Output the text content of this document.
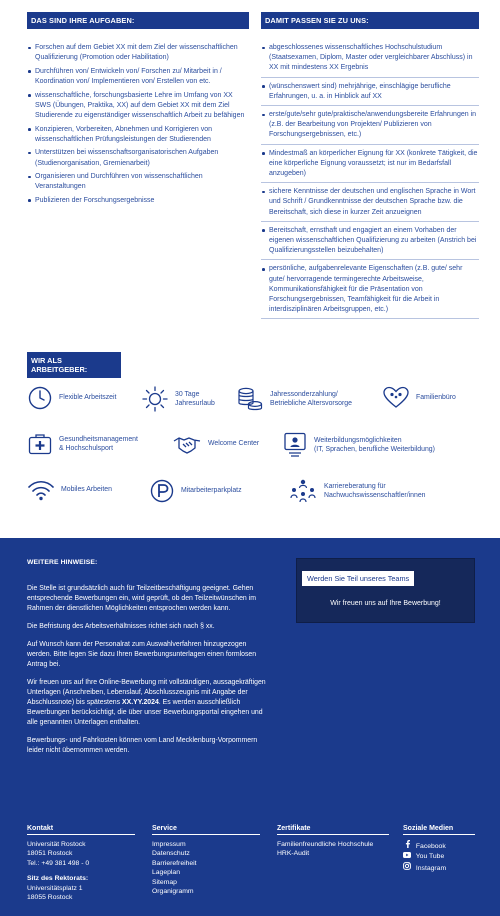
DAS SIND IHRE AUFGABEN:
Forschen auf dem Gebiet XX mit dem Ziel der wissenschaftlichen Qualifizierung (Promotion oder Habilitation)
Durchführen von/ Entwickeln von/ Forschen zu/ Mitarbeit in / Koordination von/ Implementieren von/ Erstellen von etc.
wissenschaftliche, forschungsbasierte Lehre im Umfang von XX SWS (Übungen, Praktika, XX) auf dem Gebiet XX mit dem Ziel Studierende zu eigenständiger wissenschaftlich Arbeit zu befähigen
Konzipieren, Vorbereiten, Abnehmen und Korrigieren von wissenschaftlichen Prüfungsleistungen der Studierenden
Unterstützen bei wissenschaftsorganisatorischen Aufgaben (Studienorganisation, Gremienarbeit)
Organisieren und Durchführen von wissenschaftlichen Veranstaltungen
Publizieren der Forschungsergebnisse
DAMIT PASSEN SIE ZU UNS:
abgeschlossenes wissenschaftliches Hochschulstudium (Staatsexamen, Diplom, Master oder vergleichbarer Abschluss) in XX mit mindestens XX Ergebnis
(wünschenswert sind) mehrjährige, einschlägige berufliche Erfahrungen, u. a. in Hinblick auf XX
erste/gute/sehr gute/praktische/anwendungsbereite Erfahrungen in (z.B. der Bearbeitung von Projekten/ Publizieren von Forschungsergebnissen, etc.)
Mindestmaß an körperlicher Eignung für XX (konkrete Tätigkeit, die eine körperliche Eignung voraussetzt; ist nur im Bedarfsfall anzugeben)
sichere Kenntnisse der deutschen und englischen Sprache in Wort und Schrift / Grundkenntnisse der deutschen Sprache bzw. die Bereitschaft, sich diese in kurzer Zeit anzueignen
Bereitschaft, ernsthaft und engagiert an einem Vorhaben der eigenen wissenschaftlichen Qualifizierung zu arbeiten (Anstrich bei Qualifizierungsstellen beizubehalten)
persönliche, aufgabenrelevante Eigenschaften (z.B. gute/ sehr gute/ hervorragende termingerechte Arbeitsweise, Kommunikationsfähigkeit für die Präsentation von Forschungsergebnissen, Teamfähigkeit für die Arbeit in interdisziplinären Arbeitsgruppen, etc.)
WIR ALS ARBEITGEBER:
Flexible Arbeitszeit
30 Tage
Jahresurlaub
Jahressonderzahlung/
Betriebliche Altersvorsorge
Familienbüro
Gesundheitsmanagement
& Hochschulsport
Welcome Center
Weiterbildungsmöglichkeiten
(IT, Sprachen, berufliche Weiterbildung)
Mobiles Arbeiten	Mitarbeiterparkplatz
Karriereberatung für
Nachwuchswissenschaftler/innen
WEITERE HINWEISE:

Die Stelle ist grundsätzlich auch für Teilzeitbeschäftigung geeignet. Gehen entsprechende Bewerbungen ein, wird geprüft, ob den Teilzeitwünschen im Rahmen der dienstlichen Möglichkeiten entsprochen werden kann.

Die Befristung des Arbeitsverhältnisses richtet sich nach § xx.

Auf Wunsch kann der Personalrat zum Auswahlverfahren hinzugezogen werden. Bitte legen Sie dazu Ihren Bewerbungsunterlagen einen formlosen Antrag bei.

Wir freuen uns auf Ihre Online-Bewerbung mit vollständigen, aussagekräftigen Unterlagen (Anschreiben, Lebenslauf, Abschlusszeugnis mit Angabe der Abschlussnote) bis spätestens XX.YY.2024. Es werden ausschließlich Bewerbungen berücksichtigt, die über unser Bewerbungsportal eingehen und alle genannten Unterlagen enthalten.

Bewerbungs- und Fahrkosten können vom Land Mecklenburg-Vorpommern leider nicht übernommen werden.

Werden Sie Teil unseres Teams
Wir freuen uns auf Ihre Bewerbung!
Kontakt
Universität Rostock
18051 Rostock
Tel.: +49 381 498 - 0
Sitz des Rektorats:
Universitätsplatz 1
18055 Rostock
Service
Impressum
Datenschutz
Barrierefreiheit
Lageplan
Sitemap
Organigramm
Zertifikate
Familienfreundliche Hochschule
HRK-Audit
Soziale Medien
Facebook
You Tube
Instagram
